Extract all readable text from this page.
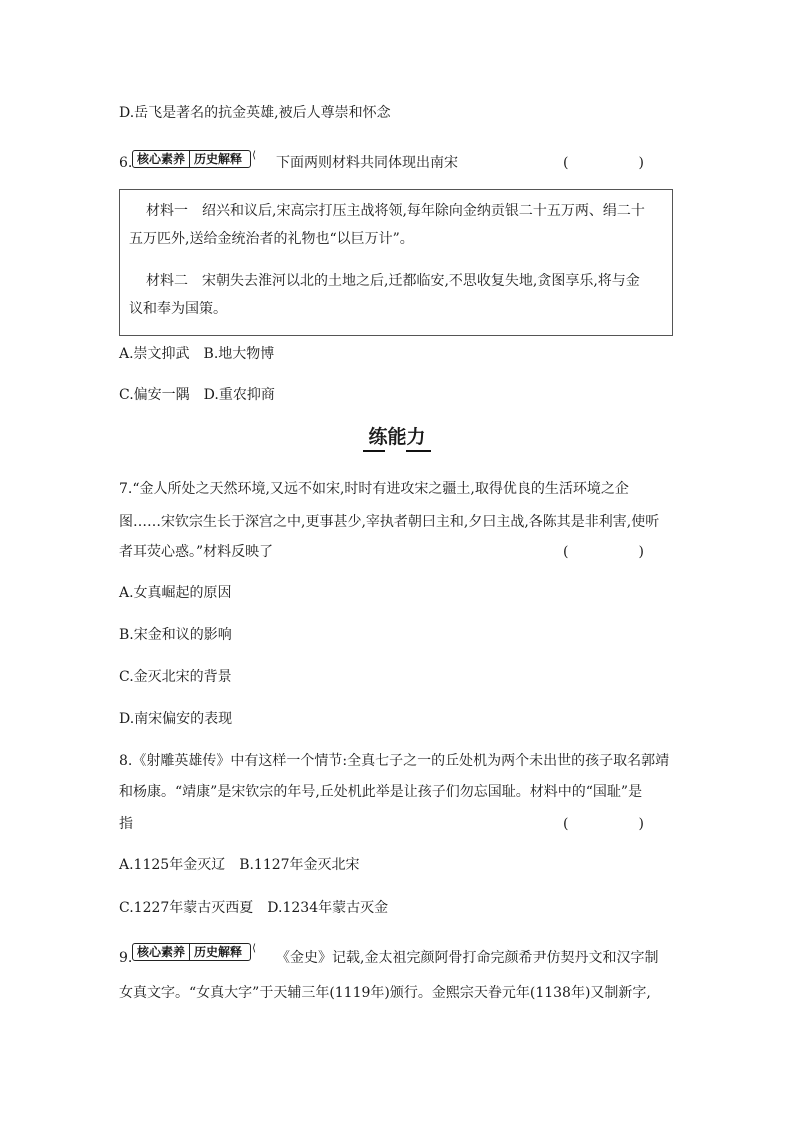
D.岳飞是著名的抗金英雄,被后人尊崇和怀念
6. 核心素养 历史解释 ⟨ 下面两则材料共同体现出南宋	(　　　　　)
材料一　绍兴和议后,宋高宗打压主战将领,每年除向金纳贡银二十五万两、绢二十
五万匹外,送给金统治者的礼物也“以巨万计”。
材料二　宋朝失去淮河以北的土地之后,迁都临安,不思收复失地,贪图享乐,将与金
议和奉为国策。
A.崇文抑武　B.地大物博
C.偏安一隅　D.重农抑商
练能力
7.“金人所处之天然环境,又远不如宋,时时有进攻宋之疆土,取得优良的生活环境之企
图……宋钦宗生长于深宫之中,更事甚少,宰执者朝曰主和,夕曰主战,各陈其是非利害,使听
者耳荧心惑。”材料反映了	(　　　　　)
A.女真崛起的原因
B.宋金和议的影响
C.金灭北宋的背景
D.南宋偏安的表现
8.《射雕英雄传》中有这样一个情节:全真七子之一的丘处机为两个未出世的孩子取名郭靖
和杨康。“靖康”是宋钦宗的年号,丘处机此举是让孩子们勿忘国耻。材料中的“国耻”是
指	(　　　　　)
A.1125年金灭辽　B.1127年金灭北宋
C.1227年蒙古灭西夏　D.1234年蒙古灭金
9. 核心素养 历史解释 ⟨
《金史》记载,金太祖完颜阿骨打命完颜希尹仿契丹文和汉字制
女真文字。“女真大字”于天辅三年(1119年)颁行。金熙宗天眷元年(1138年)又制新字,
